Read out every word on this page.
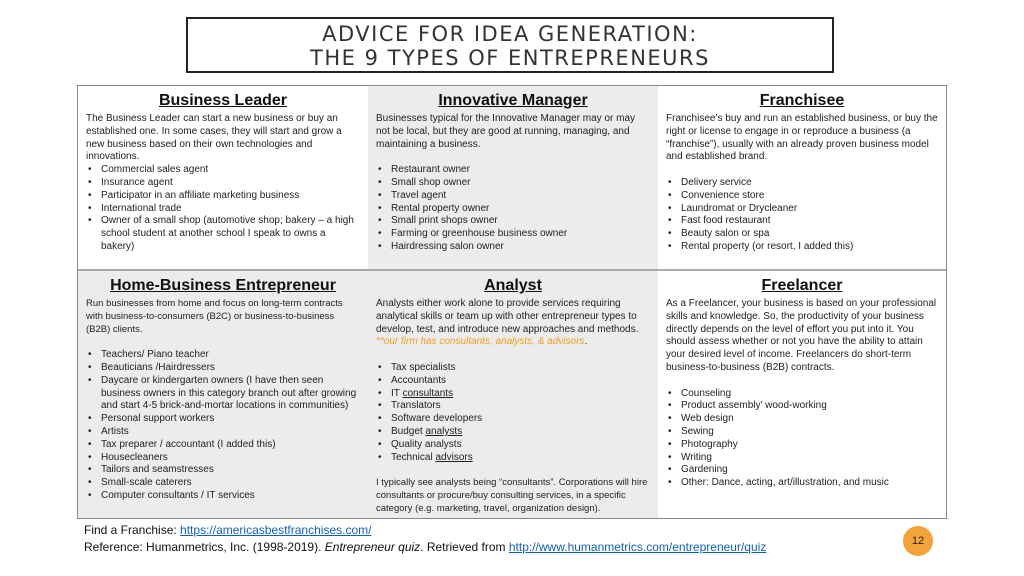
ADVICE FOR IDEA GENERATION:
THE 9 TYPES OF ENTREPRENEURS
Business Leader

The Business Leader can start a new business or buy an established one. In some cases, they will start and grow a new business based on their own technologies and innovations.

• Commercial sales agent
• Insurance agent
• Participator in an affiliate marketing business
• International trade
• Owner of a small shop (automotive shop; bakery – a high school student at another school I speak to owns a bakery)
Innovative Manager

Businesses typical for the Innovative Manager may or may not be local, but they are good at running, managing, and maintaining a business.

• Restaurant owner
• Small shop owner
• Travel agent
• Rental property owner
• Small print shops owner
• Farming or greenhouse business owner
• Hairdressing salon owner
Franchisee

Franchisee’s buy and run an established business, or buy the right or license to engage in or reproduce a business (a “franchise”), usually with an already proven business model and established brand.

• Delivery service
• Convenience store
• Laundromat or Drycleaner
• Fast food restaurant
• Beauty salon or spa
• Rental property (or resort, I added this)
Home-Business Entrepreneur

Run businesses from home and focus on long-term contracts with business-to-consumers (B2C) or business-to-business (B2B) clients.

• Teachers/ Piano teacher
• Beauticians /Hairdressers
• Daycare or kindergarten owners (I have then seen business owners in this category branch out after growing and start 4-5 brick-and-mortar locations in communities)
• Personal support workers
• Artists
• Tax preparer / accountant (I added this)
• Housecleaners
• Tailors and seamstresses
• Small-scale caterers
• Computer consultants / IT services
Analyst

Analysts either work alone to provide services requiring analytical skills or team up with other entrepreneur types to develop, test, and introduce new approaches and methods. **our firm has consultants, analysts, & advisors.

• Tax specialists
• Accountants
• IT consultants
• Translators
• Software developers
• Budget analysts
• Quality analysts
• Technical advisors

I typically see analysts being “consultants”. Corporations will hire consultants or procure/buy consulting services, in a specific category (e.g. marketing, travel, organization design).

Freelancer

As a Freelancer, your business is based on your professional skills and knowledge. So, the productivity of your business directly depends on the level of effort you put into it. You should assess whether or not you have the ability to attain your desired level of income. Freelancers do short-term business-to-business (B2B) contracts.

• Counseling
• Product assembly’ wood-working
• Web design
• Sewing
• Photography
• Writing
• Gardening
• Other: Dance, acting, art/illustration, and music
Find a Franchise: https://americasbestfranchises.com/
Reference: Humanmetrics, Inc. (1998-2019). Entrepreneur quiz. Retrieved from http://www.humanmetrics.com/entrepreneur/quiz	12
